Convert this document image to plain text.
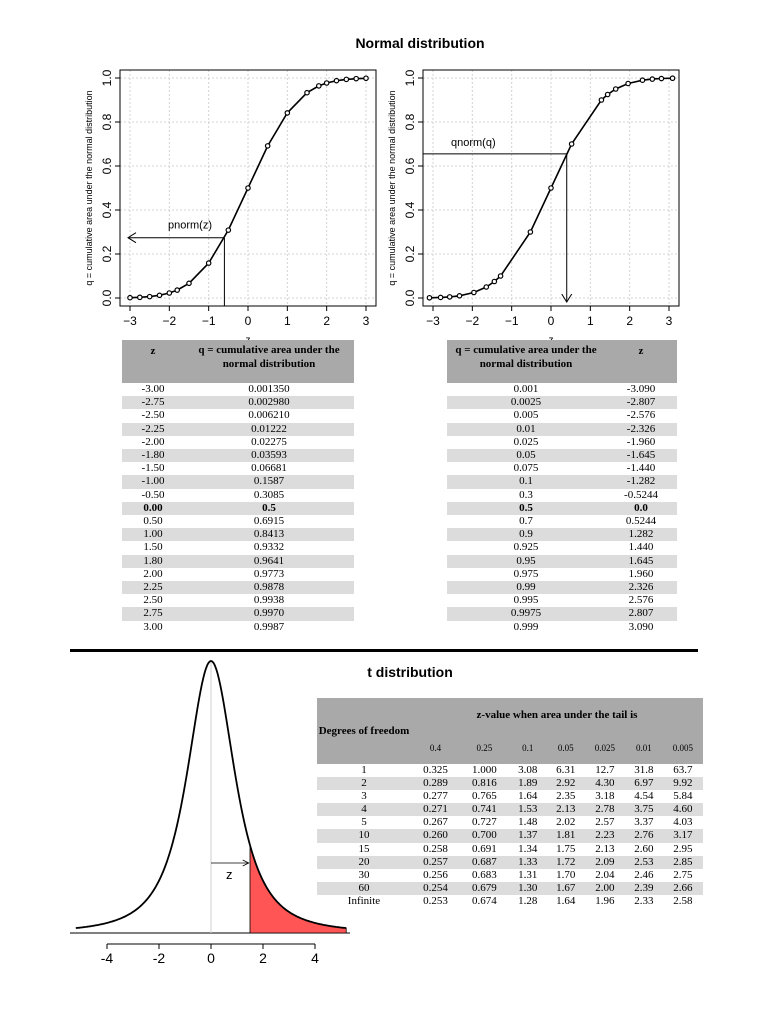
Normal distribution
−3 −2 −1 0	1	2	3
0.0
0.2
0.4
0.6
0.8
1.0
q = cumulative area under the normal distribution	pnorm(z)
−3 −2 −1 0	1	2	3
0.0
0.2
0.4
0.6
0.8
1.0
q = cumulative area under the normal distribution	qnorm(q)
z	q = cumulative area under the normal distribution
-3.00	0.001350
-2.75	0.002980
-2.50	0.006210
-2.25	0.01222
-2.00	0.02275
-1.80	0.03593
-1.50	0.06681
-1.00	0.1587
-0.50	0.3085
0.00	0.5
0.50	0.6915
1.00	0.8413
1.50	0.9332
1.80	0.9641
2.00	0.9773
2.25	0.9878
2.50	0.9938
2.75	0.9970
3.00	0.9987
q = cumulative area under the normal distribution
z
0.001	-3.090
0.0025	-2.807
0.005	-2.576
0.01	-2.326
0.025	-1.960
0.05	-1.645
0.075	-1.440
0.1	-1.282
0.3	-0.5244
0.5	0.0
0.7	0.5244
0.9	1.282
0.925	1.440
0.95	1.645
0.975	1.960
0.99	2.326
0.995	2.576
0.9975	2.807
0.999	3.090
t distribution
z
-4	-2	0	2	4
Degrees of freedom	z-value when area under the tail is						
	0.4	0.25	0.1	0.05	0.025	0.01	0.005
1	0.325	1.000	3.08	6.31	12.7	31.8	63.7
2	0.289	0.816	1.89	2.92	4.30	6.97	9.92
3	0.277	0.765	1.64	2.35	3.18	4.54	5.84
4	0.271	0.741	1.53	2.13	2.78	3.75	4.60
5	0.267	0.727	1.48	2.02	2.57	3.37	4.03
10	0.260	0.700	1.37	1.81	2.23	2.76	3.17
15	0.258	0.691	1.34	1.75	2.13	2.60	2.95
20	0.257	0.687	1.33	1.72	2.09	2.53	2.85
30	0.256	0.683	1.31	1.70	2.04	2.46	2.75
60	0.254	0.679	1.30	1.67	2.00	2.39	2.66
Infinite	0.253	0.674	1.28	1.64	1.96	2.33	2.58
